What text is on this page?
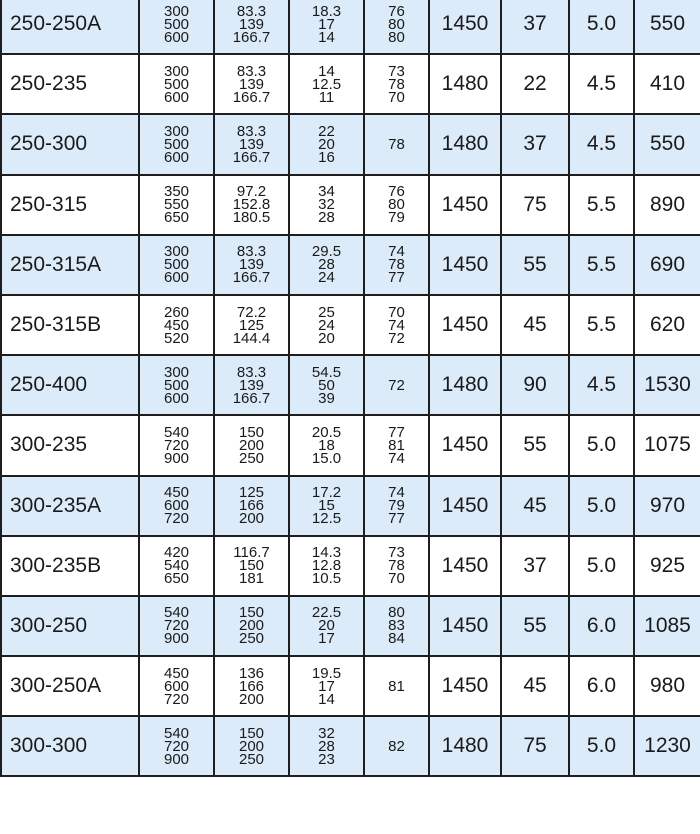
250-250A	300
500
600	83.3
139
166.7	18.3
17
14	76
80
80	1450	37	5.0	550
250-235	300
500
600	83.3
139
166.7	14
12.5
11	73
78
70	1480	22	4.5	410
250-300	300
500
600	83.3
139
166.7	22
20
16	78	1480	37	4.5	550
250-315	350
550
650	97.2
152.8
180.5	34
32
28	76
80
79	1450	75	5.5	890
250-315A	300
500
600	83.3
139
166.7	29.5
28
24	74
78
77	1450	55	5.5	690
250-315B	260
450
520	72.2
125
144.4	25
24
20	70
74
72	1450	45	5.5	620
250-400	300
500
600	83.3
139
166.7	54.5
50
39	72	1480	90	4.5	1530
300-235	540
720
900	150
200
250	20.5
18
15.0	77
81
74	1450	55	5.0	1075
300-235A	450
600
720	125
166
200	17.2
15
12.5	74
79
77	1450	45	5.0	970
300-235B	420
540
650	116.7
150
181	14.3
12.8
10.5	73
78
70	1450	37	5.0	925
300-250	540
720
900	150
200
250	22.5
20
17	80
83
84	1450	55	6.0	1085
300-250A	450
600
720	136
166
200	19.5
17
14	81	1450	45	6.0	980
300-300	540
720
900	150
200
250	32
28
23	82	1480	75	5.0	1230
